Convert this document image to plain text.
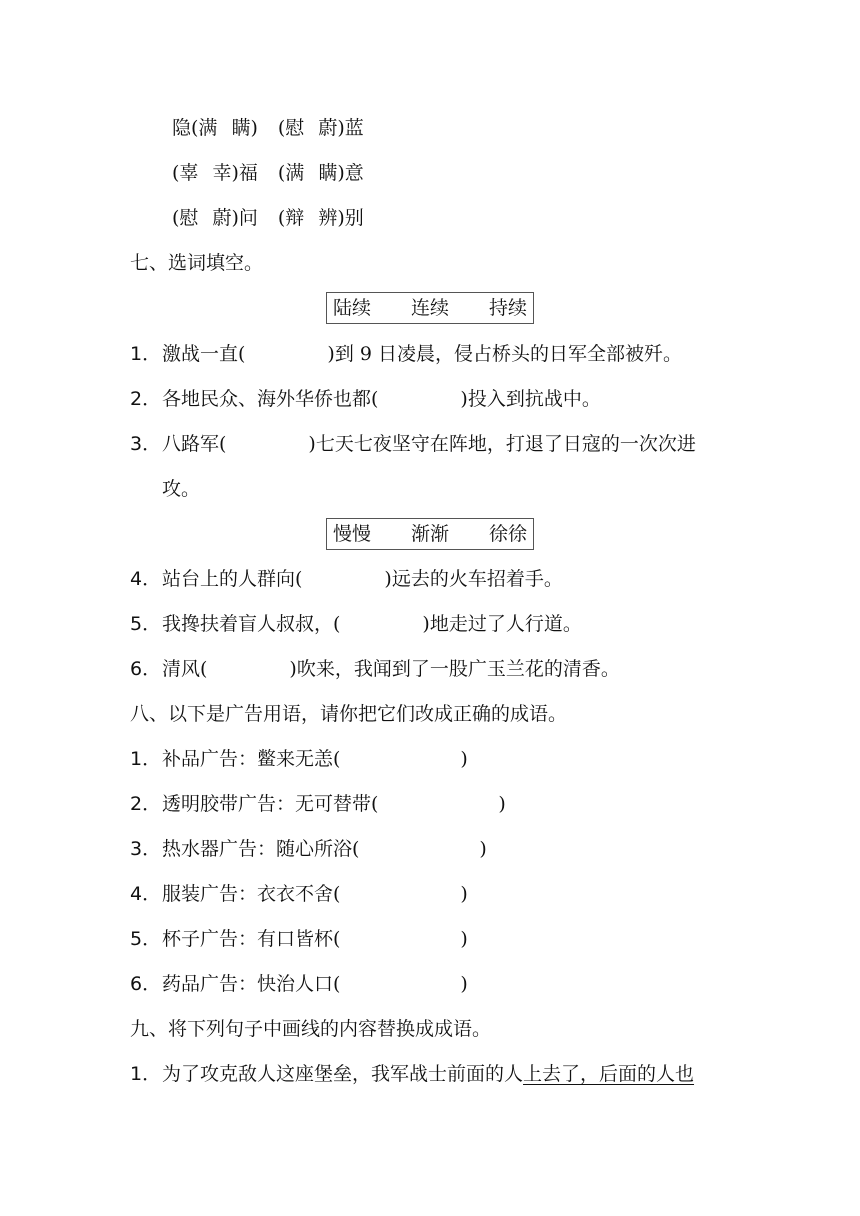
隐(满 瞒) (慰 蔚)蓝
(辜 幸)福 (满 瞒)意
(慰 蔚)问 (辩 辨)别
七、选词填空。
陆续 连续 持续
1．激战一直(	)到 9 日凌晨，侵占桥头的日军全部被歼。
2．各地民众、海外华侨也都(	)投入到抗战中。
3．八路军(	)七天七夜坚守在阵地，打退了日寇的一次次进
攻。
慢慢 渐渐 徐徐
4．站台上的人群向(	)远去的火车招着手。
5．我搀扶着盲人叔叔，(	)地走过了人行道。
6．清风(	)吹来，我闻到了一股广玉兰花的清香。
八、以下是广告用语，请你把它们改成正确的成语。
1．补品广告：鳖来无恙(	)
2．透明胶带广告：无可替带(	)
3．热水器广告：随心所浴(	)
4．服装广告：衣衣不舍(	)
5．杯子广告：有口皆杯(	)
6．药品广告：快治人口(	)
九、将下列句子中画线的内容替换成成语。
1．为了攻克敌人这座堡垒，我军战士前面的人上去了，后面的人也
